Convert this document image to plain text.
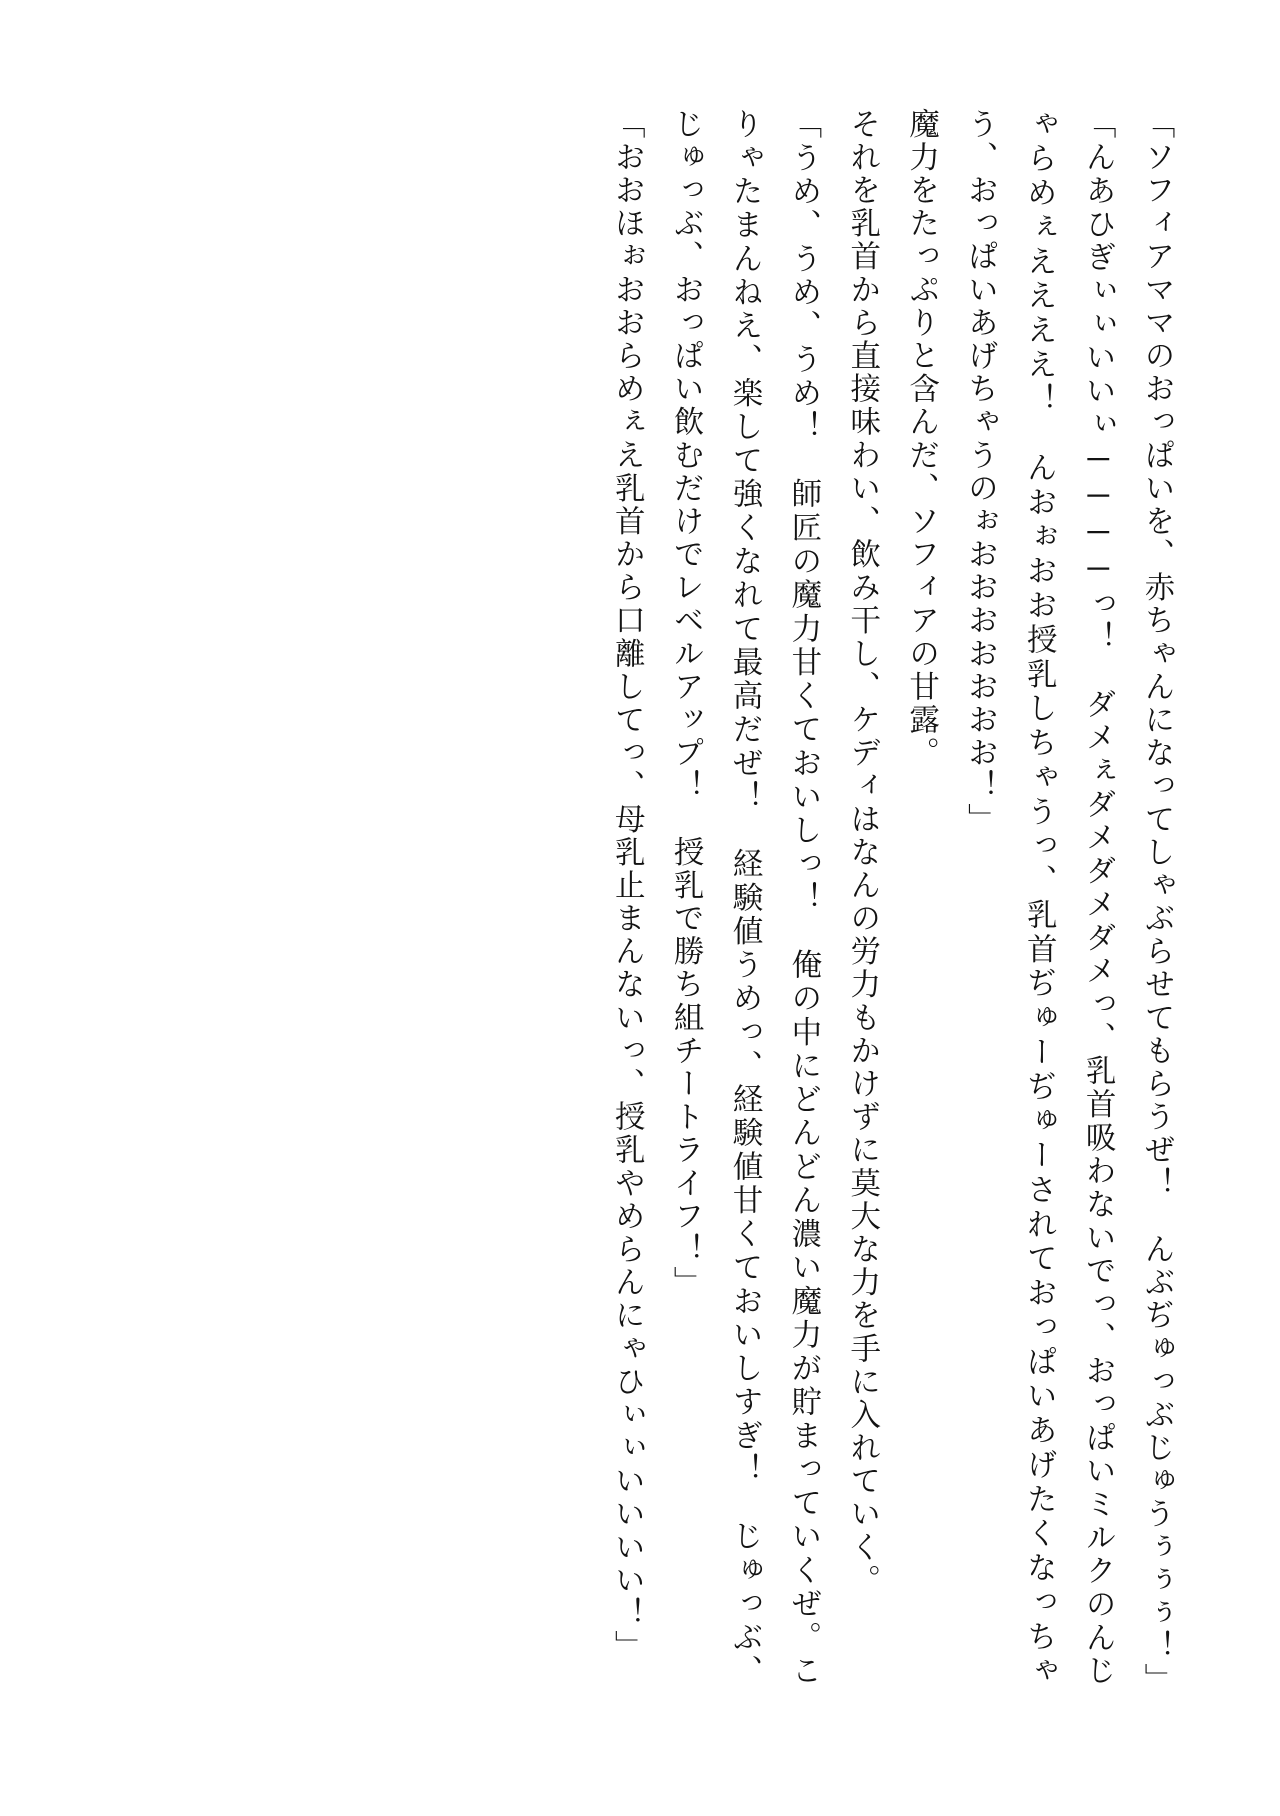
「ソフィアママのおっぱいを、赤ちゃんになってしゃぶらせてもらうぜ！　んぶぢゅっぶじゅうぅぅぅ！」

「んあひぎぃぃいいぃ────っ！　ダメぇダメダメダメっ、乳首吸わないでっ、おっぱいミルクのんじゃらめぇええええ！　んおぉおお授乳しちゃうっ、乳首ぢゅーぢゅーされておっぱいあげたくなっちゃう、おっぱいあげちゃうのぉおおおおおおお！」

魔力をたっぷりと含んだ、ソフィアの甘露。

それを乳首から直接味わい、飲み干し、ケディはなんの労力もかけずに莫大な力を手に入れていく。

「うめ、うめ、うめ！　師匠の魔力甘くておいしっ！　俺の中にどんどん濃い魔力が貯まっていくぜ。こりゃたまんねえ、楽して強くなれて最高だぜ！　経験値うめっ、経験値甘くておいしすぎ！　じゅっぶ、じゅっぶ、おっぱい飲むだけでレベルアップ！　授乳で勝ち組チートライフ！」

「おおほぉおおらめぇえ乳首から口離してっ、母乳止まんないっ、授乳やめらんにゃひぃぃいいいい！」
